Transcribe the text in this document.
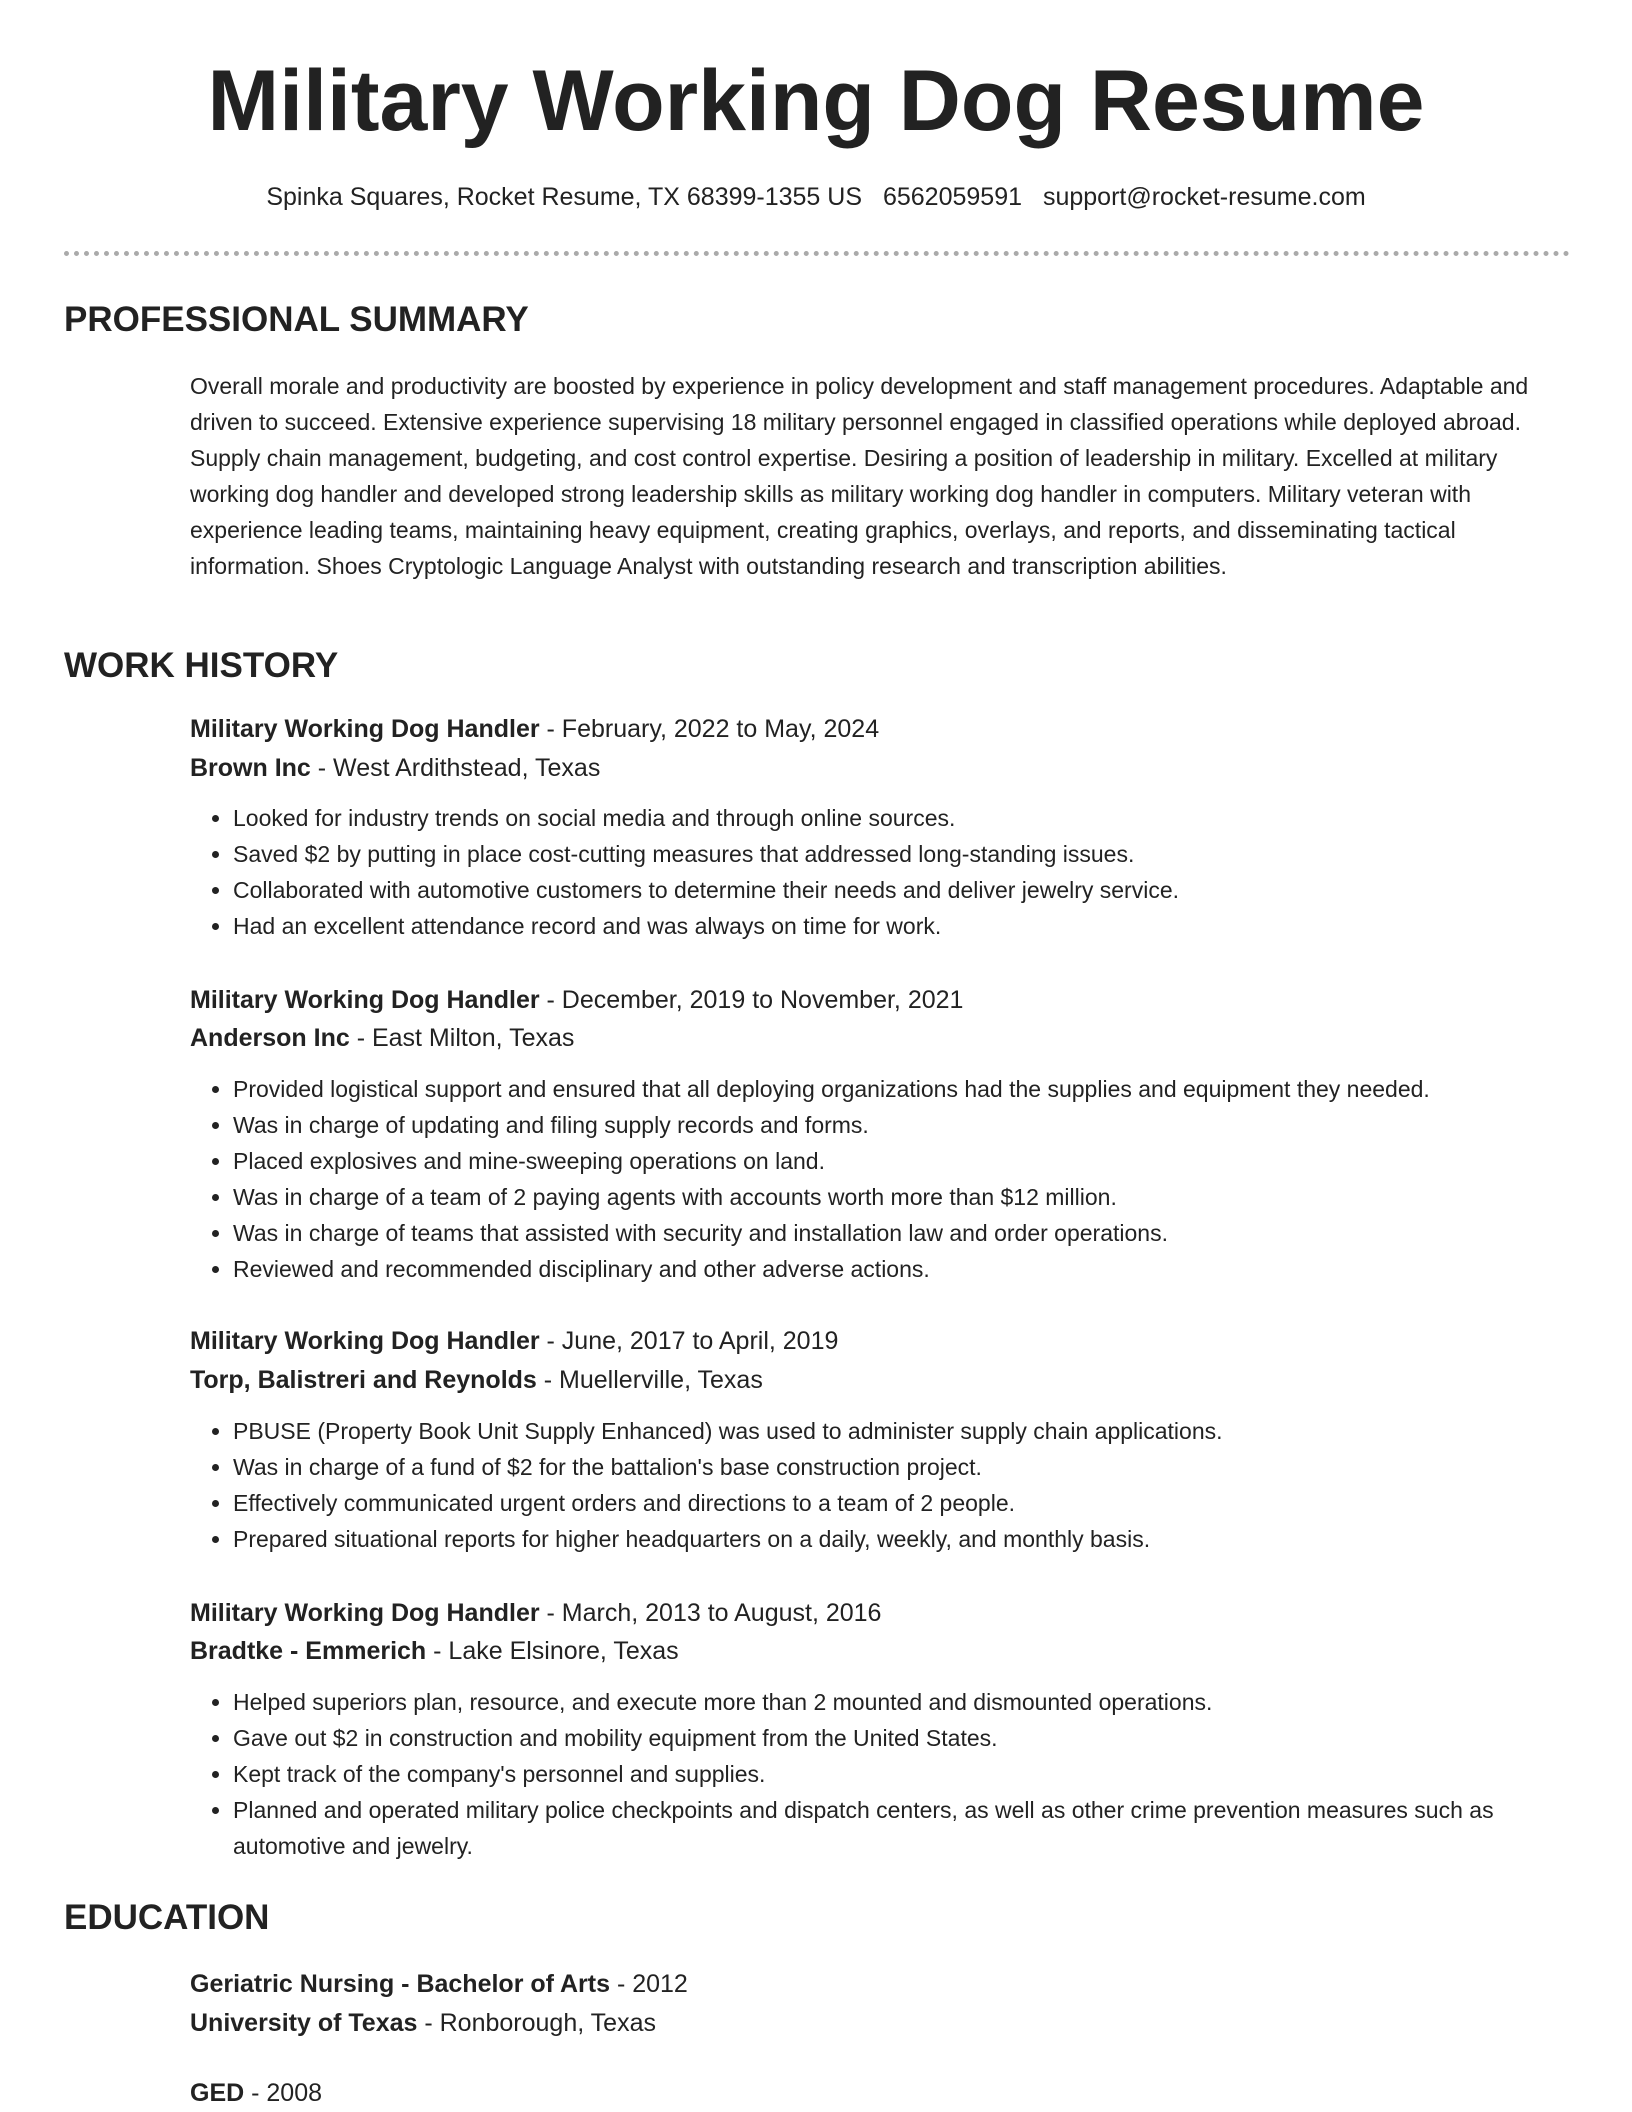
Military Working Dog Resume
Spinka Squares, Rocket Resume, TX 68399-1355 US 6562059591 support@rocket-resume.com
PROFESSIONAL SUMMARY
Overall morale and productivity are boosted by experience in policy development and staff management procedures. Adaptable and driven to succeed. Extensive experience supervising 18 military personnel engaged in classified operations while deployed abroad. Supply chain management, budgeting, and cost control expertise. Desiring a position of leadership in military. Excelled at military working dog handler and developed strong leadership skills as military working dog handler in computers. Military veteran with experience leading teams, maintaining heavy equipment, creating graphics, overlays, and reports, and disseminating tactical information. Shoes Cryptologic Language Analyst with outstanding research and transcription abilities.
WORK HISTORY
Military Working Dog Handler - February, 2022 to May, 2024
Brown Inc - West Ardithstead, Texas
Looked for industry trends on social media and through online sources.
Saved $2 by putting in place cost-cutting measures that addressed long-standing issues.
Collaborated with automotive customers to determine their needs and deliver jewelry service.
Had an excellent attendance record and was always on time for work.
Military Working Dog Handler - December, 2019 to November, 2021
Anderson Inc - East Milton, Texas
Provided logistical support and ensured that all deploying organizations had the supplies and equipment they needed.
Was in charge of updating and filing supply records and forms.
Placed explosives and mine-sweeping operations on land.
Was in charge of a team of 2 paying agents with accounts worth more than $12 million.
Was in charge of teams that assisted with security and installation law and order operations.
Reviewed and recommended disciplinary and other adverse actions.
Military Working Dog Handler - June, 2017 to April, 2019
Torp, Balistreri and Reynolds - Muellerville, Texas
PBUSE (Property Book Unit Supply Enhanced) was used to administer supply chain applications.
Was in charge of a fund of $2 for the battalion's base construction project.
Effectively communicated urgent orders and directions to a team of 2 people.
Prepared situational reports for higher headquarters on a daily, weekly, and monthly basis.
Military Working Dog Handler - March, 2013 to August, 2016
Bradtke - Emmerich - Lake Elsinore, Texas
Helped superiors plan, resource, and execute more than 2 mounted and dismounted operations.
Gave out $2 in construction and mobility equipment from the United States.
Kept track of the company's personnel and supplies.
Planned and operated military police checkpoints and dispatch centers, as well as other crime prevention measures such as automotive and jewelry.
EDUCATION
Geriatric Nursing - Bachelor of Arts - 2012
University of Texas - Ronborough, Texas
GED - 2008
